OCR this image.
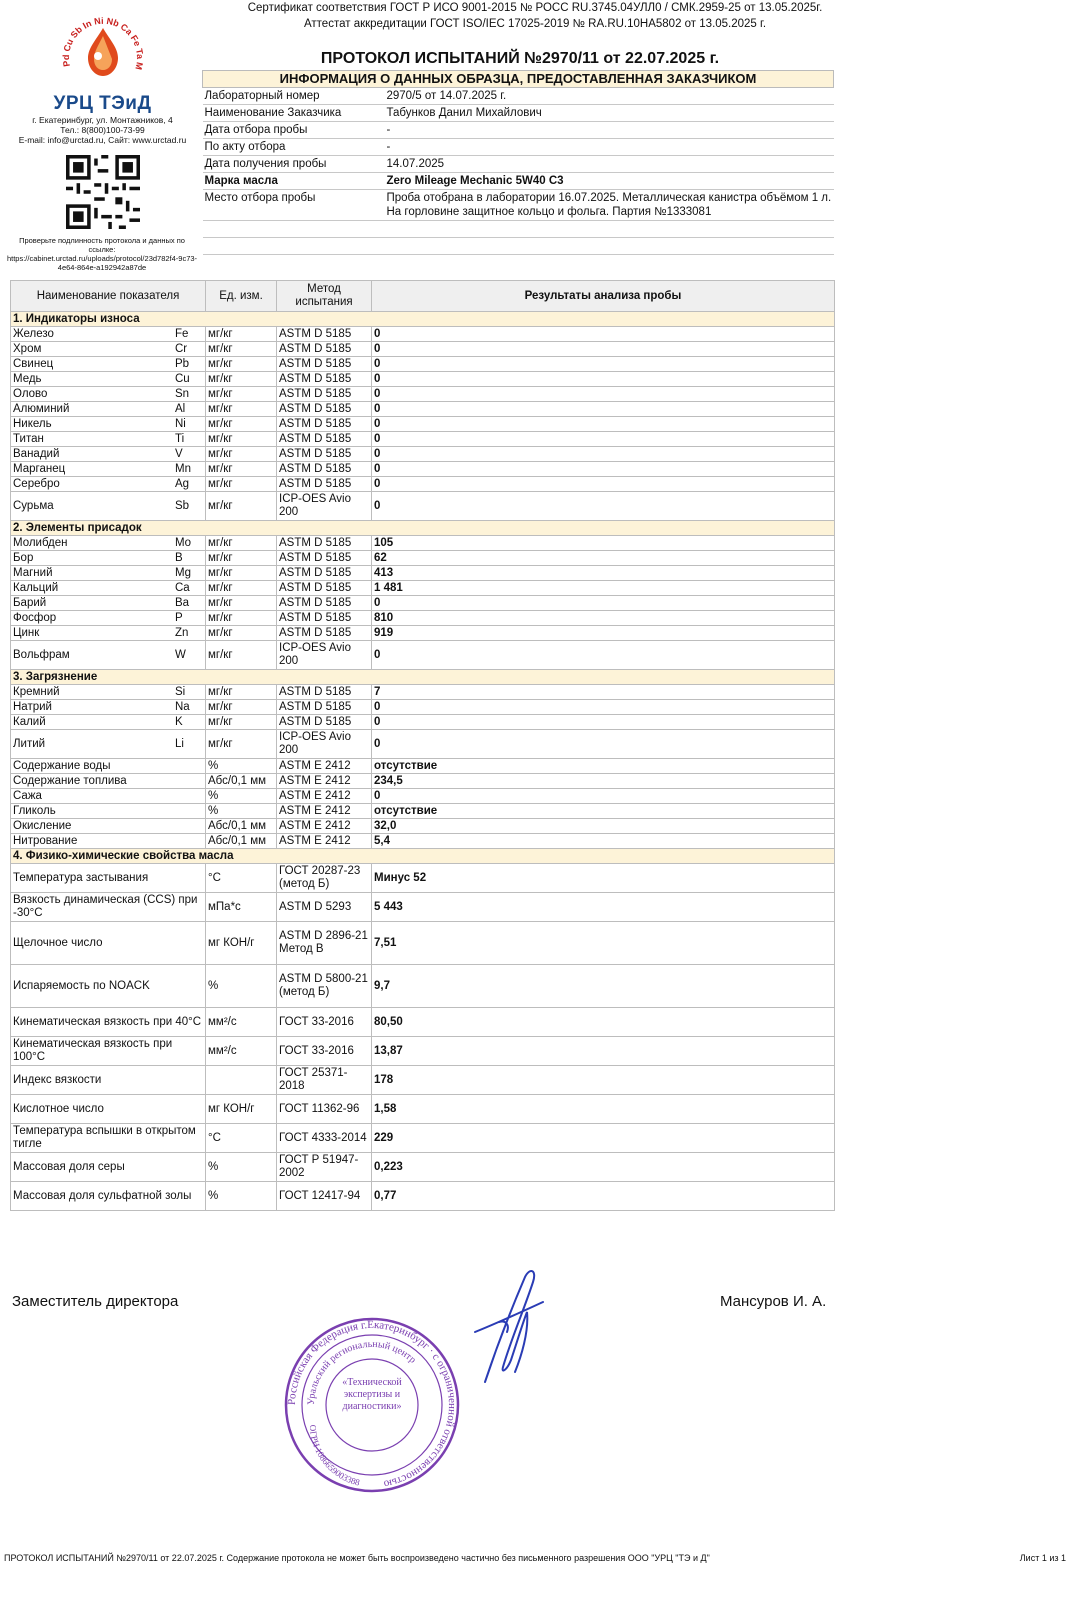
Сертификат соответствия ГОСТ Р ИСО 9001-2015 № РОСС RU.3745.04УЛЛ0 / СМК.2959-25 от 13.05.2025г.
Аттестат аккредитации ГОСТ ISO/IEC 17025-2019 № RA.RU.10НА5802 от 13.05.2025 г.
Pd Cu Sb In Ni Nb Ca Fe Ta M
УРЦ ТЭиД
г. Екатеринбург, ул. Монтажников, 4
Тел.: 8(800)100-73-99
E-mail: info@urctad.ru, Сайт: www.urctad.ru
Проверьте подлинность протокола и данных по ссылке:
https://cabinet.urctad.ru/uploads/protocol/23d782f4-9c73-4e64-864e-a192942a87de
ПРОТОКОЛ ИСПЫТАНИЙ №2970/11 от 22.07.2025 г.
ИНФОРМАЦИЯ О ДАННЫХ ОБРАЗЦА, ПРЕДОСТАВЛЕННАЯ ЗАКАЗЧИКОМ	
Лабораторный номер	2970/5 от 14.07.2025 г.
Наименование Заказчика	Табунков Данил Михайлович
Дата отбора пробы	-
По акту отбора	-
Дата получения пробы	14.07.2025
Марка масла	Zero Mileage Mechanic 5W40 C3
Место отбора пробы	Проба отобрана в лаборатории 16.07.2025. Металлическая канистра объёмом 1 л. На горловине защитное кольцо и фольга. Партия №1333081

Наименование показателя		Ед. изм.	Метод испытания	Результаты анализа пробы
1. Индикаторы износа				
Железо	Fe	мг/кг	ASTM D 5185	0
Хром	Cr	мг/кг	ASTM D 5185	0
Свинец	Pb	мг/кг	ASTM D 5185	0
Медь	Cu	мг/кг	ASTM D 5185	0
Олово	Sn	мг/кг	ASTM D 5185	0
Алюминий	Al	мг/кг	ASTM D 5185	0
Никель	Ni	мг/кг	ASTM D 5185	0
Титан	Ti	мг/кг	ASTM D 5185	0
Ванадий	V	мг/кг	ASTM D 5185	0
Марганец	Mn	мг/кг	ASTM D 5185	0
Серебро	Ag	мг/кг	ASTM D 5185	0
Сурьма	Sb	мг/кг	ICP-OES Avio 200	0
2. Элементы присадок				
Молибден	Mo	мг/кг	ASTM D 5185	105
Бор	B	мг/кг	ASTM D 5185	62
Магний	Mg	мг/кг	ASTM D 5185	413
Кальций	Ca	мг/кг	ASTM D 5185	1 481
Барий	Ba	мг/кг	ASTM D 5185	0
Фосфор	P	мг/кг	ASTM D 5185	810
Цинк	Zn	мг/кг	ASTM D 5185	919
Вольфрам	W	мг/кг	ICP-OES Avio 200	0
3. Загрязнение				
Кремний	Si	мг/кг	ASTM D 5185	7
Натрий	Na	мг/кг	ASTM D 5185	0
Калий	K	мг/кг	ASTM D 5185	0
Литий	Li	мг/кг	ICP-OES Avio 200	0
Содержание воды		%	ASTM E 2412	отсутствие
Содержание топлива		Абс/0,1 мм	ASTM E 2412	234,5
Сажа		%	ASTM E 2412	0
Гликоль		%	ASTM E 2412	отсутствие
Окисление		Абс/0,1 мм	ASTM E 2412	32,0
Нитрование		Абс/0,1 мм	ASTM E 2412	5,4
4. Физико-химические свойства масла				
Температура застывания		°C	ГОСТ 20287-23 (метод Б)	Минус 52
Вязкость динамическая (CCS) при -30°C		мПа*с	ASTM D 5293	5 443
Щелочное число		мг КОН/г	ASTM D 2896-21 Метод В	7,51
Испаряемость по NOACK		%	ASTM D 5800-21 (метод Б)	9,7
Кинематическая вязкость при 40°C		мм²/с	ГОСТ 33-2016	80,50
Кинематическая вязкость при 100°C		мм²/с	ГОСТ 33-2016	13,87
Индекс вязкости			ГОСТ 25371-2018	178
Кислотное число		мг КОН/г	ГОСТ 11362-96	1,58
Температура вспышки в открытом тигле		°C	ГОСТ 4333-2014	229
Массовая доля серы		%	ГОСТ Р 51947-2002	0,223
Массовая доля сульфатной золы		%	ГОСТ 12417-94	0,77
Заместитель директора	Мансуров И. А.
Российская Федерация г.Екатеринбург · с ограниченной ответственностью
Уральский региональный центр
ОГРН 1086659003388
«Технической экспертизы и диагностики»
ПРОТОКОЛ ИСПЫТАНИЙ №2970/11 от 22.07.2025 г. Содержание протокола не может быть воспроизведено частично без письменного разрешения ООО "УРЦ "ТЭ и Д"	Лист 1 из 1
